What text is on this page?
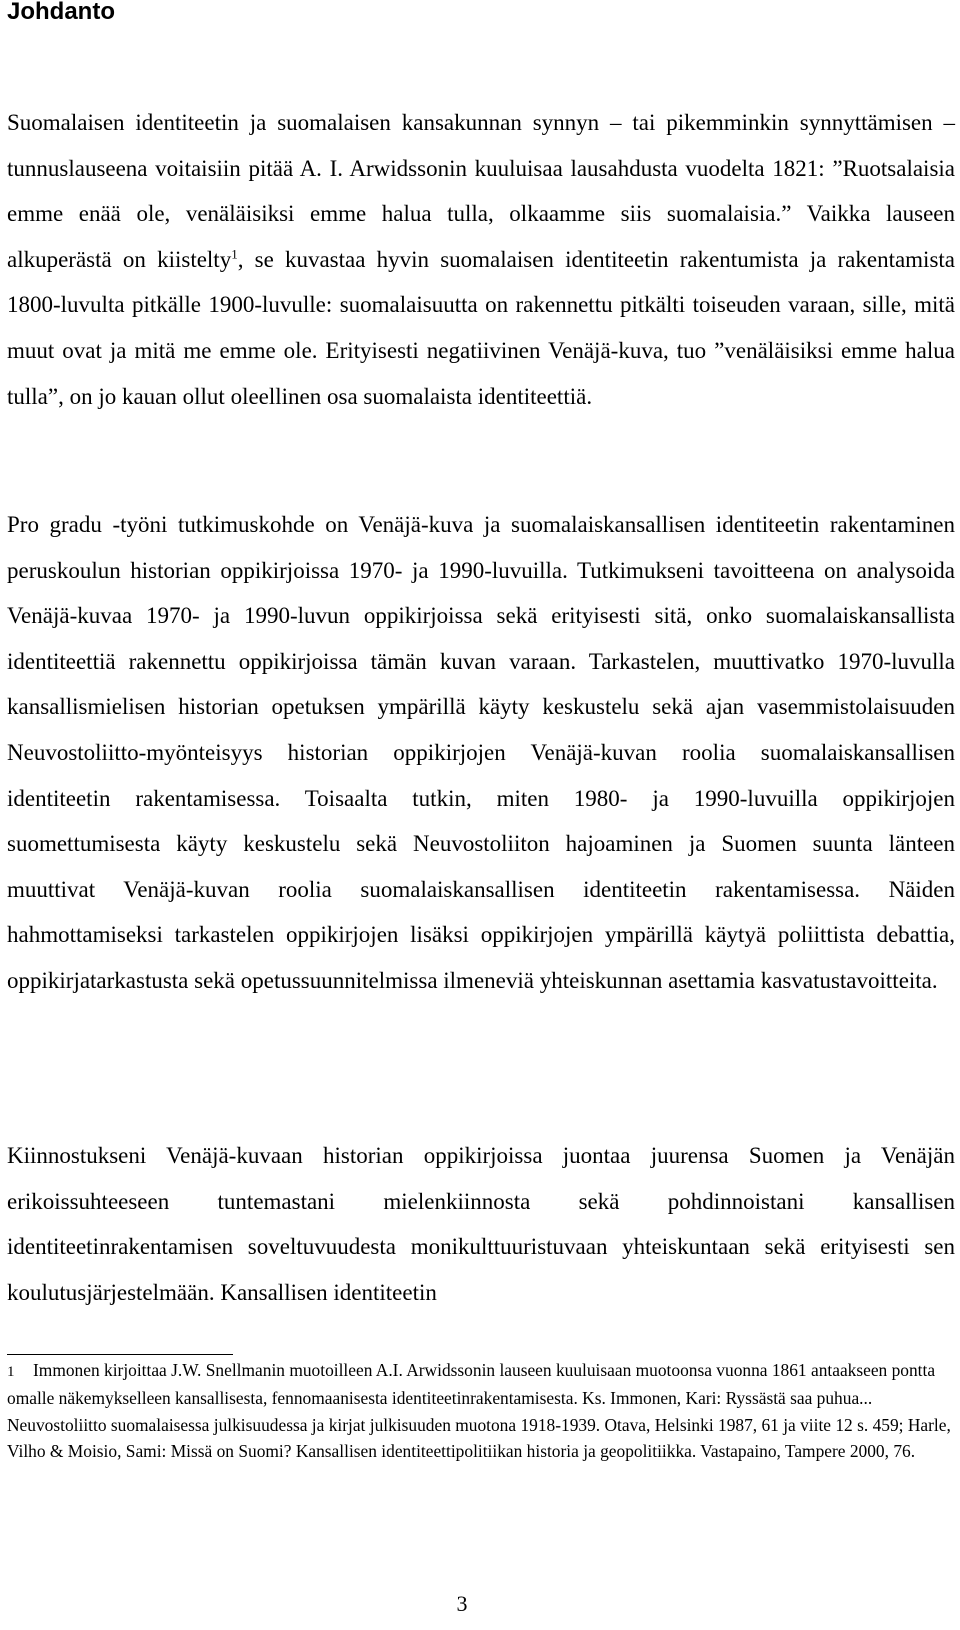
Johdanto

Suomalaisen identiteetin ja suomalaisen kansakunnan synnyn – tai pikemminkin synnyttämisen – tunnuslauseena voitaisiin pitää A. I. Arwidssonin kuuluisaa lausahdusta vuodelta 1821: ”Ruotsalaisia emme enää ole, venäläisiksi emme halua tulla, olkaamme siis suomalaisia.” Vaikka lauseen alkuperästä on kiistelty$^1$, se kuvastaa hyvin suomalaisen identiteetin rakentumista ja rakentamista 1800-luvulta pitkälle 1900-luvulle: suomalaisuutta on rakennettu pitkälti toiseuden varaan, sille, mitä muut ovat ja mitä me emme ole. Erityisesti negatiivinen Venäjä-kuva, tuo ”venäläisiksi emme halua tulla”, on jo kauan ollut oleellinen osa suomalaista identiteettiä.

Pro gradu -työni tutkimuskohde on Venäjä-kuva ja suomalaiskansallisen identiteetin rakentaminen peruskoulun historian oppikirjoissa 1970- ja 1990-luvuilla. Tutkimukseni tavoitteena on analysoida Venäjä-kuvaa 1970- ja 1990-luvun oppikirjoissa sekä erityisesti sitä, onko suomalaiskansallista identiteettiä rakennettu oppikirjoissa tämän kuvan varaan. Tarkastelen, muuttivatko 1970-luvulla kansallismielisen historian opetuksen ympärillä käyty keskustelu sekä ajan vasemmistolaisuuden Neuvostoliitto-myönteisyys historian oppikirjojen Venäjä-kuvan roolia suomalaiskansallisen identiteetin rakentamisessa. Toisaalta tutkin, miten 1980- ja 1990-luvuilla oppikirjojen suomettumisesta käyty keskustelu sekä Neuvostoliiton hajoaminen ja Suomen suunta länteen muuttivat Venäjä-kuvan roolia suomalaiskansallisen identiteetin rakentamisessa. Näiden hahmottamiseksi tarkastelen oppikirjojen lisäksi oppikirjojen ympärillä käytyä poliittista debattia, oppikirjatarkastusta sekä opetussuunnitelmissa ilmeneviä yhteiskunnan asettamia kasvatustavoitteita.

Kiinnostukseni Venäjä-kuvaan historian oppikirjoissa juontaa juurensa Suomen ja Venäjän erikoissuhteeseen tuntemastani mielenkiinnosta sekä pohdinnoistani kansallisen identiteetinrakentamisen soveltuvuudesta monikulttuuristuvaan yhteiskuntaan sekä erityisesti sen koulutusjärjestelmään. Kansallisen identiteetin

1 Immonen kirjoittaa J.W. Snellmanin muotoilleen A.I. Arwidssonin lauseen kuuluisaan muotoonsa vuonna 1861 antaakseen pontta omalle näkemykselleen kansallisesta, fennomaanisesta identiteetinrakentamisesta. Ks. Immonen, Kari: Ryssästä saa puhua... Neuvostoliitto suomalaisessa julkisuudessa ja kirjat julkisuuden muotona 1918-1939. Otava, Helsinki 1987, 61 ja viite 12 s. 459; Harle, Vilho & Moisio, Sami: Missä on Suomi? Kansallisen identiteettipolitiikan historia ja geopolitiikka. Vastapaino, Tampere 2000, 76.

3
